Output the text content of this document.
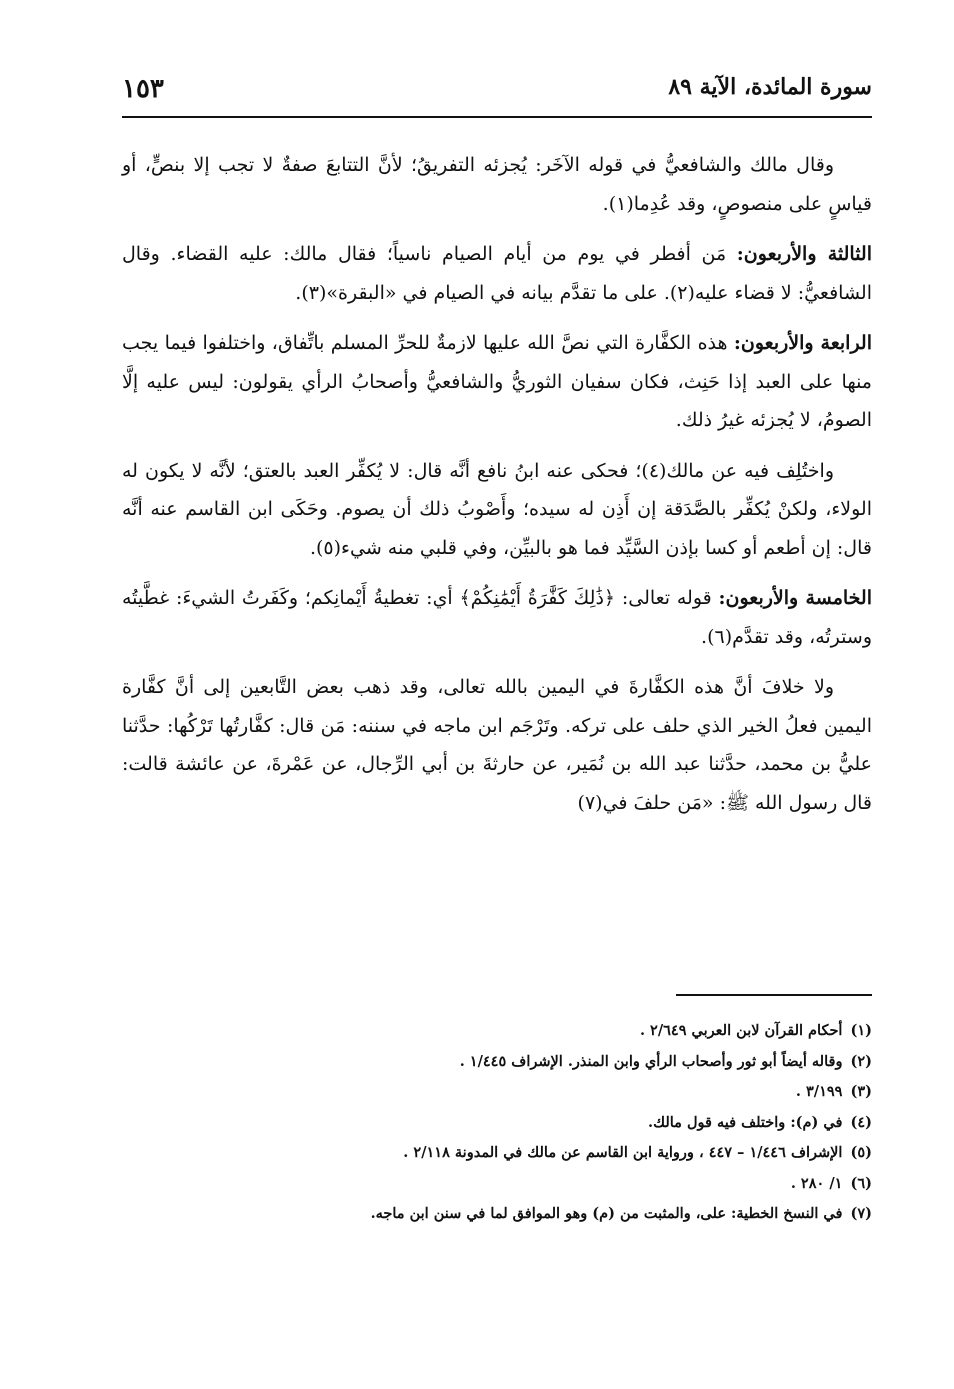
سورة المائدة، الآية ٨٩
١٥٣

وقال مالك والشافعيُّ في قوله الآخَر: يُجزئه التفريقُ؛ لأنَّ التتابعَ صفةٌ لا تجب إلا بنصٍّ، أو قياسٍ على منصوصٍ، وقد عُدِما(١).

الثالثة والأربعون: مَن أفطر في يوم من أيام الصيام ناسياً؛ فقال مالك: عليه القضاء. وقال الشافعيُّ: لا قضاء عليه(٢). على ما تقدَّم بيانه في الصيام في «البقرة»(٣).

الرابعة والأربعون: هذه الكفَّارة التي نصَّ الله عليها لازمةٌ للحرِّ المسلم باتِّفاق، واختلفوا فيما يجب منها على العبد إذا حَنِث، فكان سفيان الثوريُّ والشافعيُّ وأصحابُ الرأي يقولون: ليس عليه إلَّا الصومُ، لا يُجزئه غيرُ ذلك.

واختُلِف فيه عن مالك(٤)؛ فحكى عنه ابنُ نافع أنَّه قال: لا يُكفِّر العبد بالعتق؛ لأنَّه لا يكون له الولاء، ولكنْ يُكفِّر بالصَّدَقة إن أَذِن له سيده؛ وأَصْوبُ ذلك أن يصوم. وحَكَى ابن القاسم عنه أنَّه قال: إن أطعم أو كسا بإذن السَّيِّد فما هو بالبيِّن، وفي قلبي منه شيء(٥).

الخامسة والأربعون: قوله تعالى: ﴿ذَٰلِكَ كَفَّٰرَةُ أَيْمَٰنِكُمْ﴾ أي: تغطيةُ أَيْمانِكم؛ وكَفَرتُ الشيءَ: غطَّيتُه وسترتُه، وقد تقدَّم(٦).

ولا خلافَ أنَّ هذه الكفَّارةَ في اليمين بالله تعالى، وقد ذهب بعض التَّابعين إلى أنَّ كفَّارة اليمين فعلُ الخير الذي حلف على تركه. وتَرْجَم ابن ماجه في سننه: مَن قال: كفَّارتُها تَرْكُها: حدَّثنا عليُّ بن محمد، حدَّثنا عبد الله بن نُمَير، عن حارثةَ بن أبي الرِّجال، عن عَمْرةَ، عن عائشة قالت: قال رسول الله ﷺ: «مَن حلفَ في(٧)

(١)أحكام القرآن لابن العربي ٢/٦٤٩ .
(٢)وقاله أيضاً أبو ثور وأصحاب الرأي وابن المنذر. الإشراف ١/٤٤٥ .
(٣)٣/١٩٩ .
(٤)في (م): واختلف فيه قول مالك.
(٥)الإشراف ١/٤٤٦ – ٤٤٧ ، ورواية ابن القاسم عن مالك في المدونة ٢/١١٨ .
(٦)١/ ٢٨٠ .
(٧)في النسخ الخطية: على، والمثبت من (م) وهو الموافق لما في سنن ابن ماجه.
